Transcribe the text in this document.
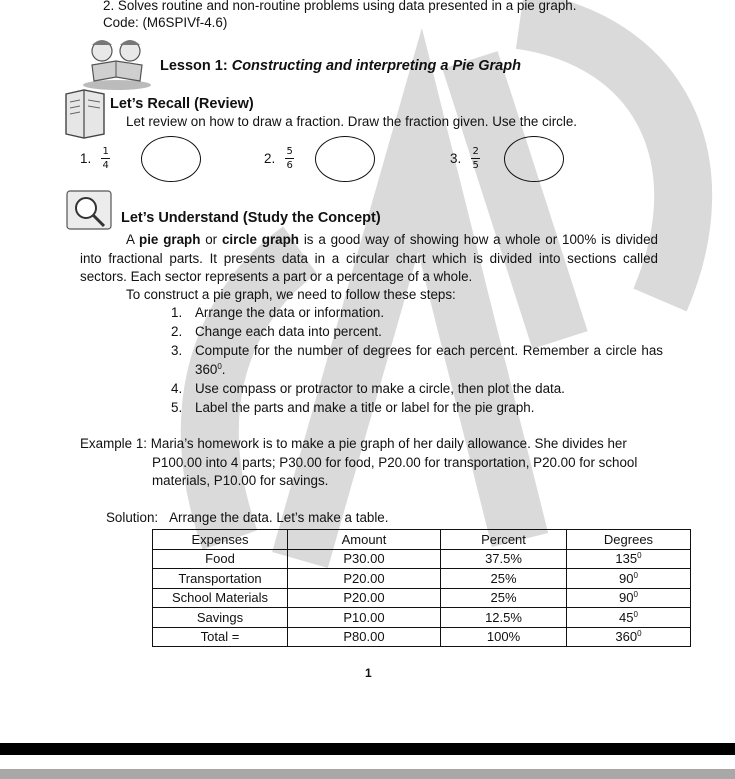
2. Solves routine and non-routine problems using data presented in a pie graph.
Code: (M6SPIVf-4.6)
Lesson 1: Constructing and interpreting a Pie Graph
Let’s Recall (Review)
Let review on how to draw a fraction. Draw the fraction given. Use the circle.
1. $\frac{1}{4}$	2. $\frac{5}{6}$	3. $\frac{2}{5}$
Let’s Understand (Study the Concept)
A pie graph or circle graph is a good way of showing how a whole or 100% is divided into fractional parts. It presents data in a circular chart which is divided into sections called sectors. Each sector represents a part or a percentage of a whole.
To construct a pie graph, we need to follow these steps:
1. Arrange the data or information.
2. Change each data into percent.
3. Compute for the number of degrees for each percent. Remember a circle has $360^0$.
4. Use compass or protractor to make a circle, then plot the data.
5. Label the parts and make a title or label for the pie graph.
Example 1: Maria’s homework is to make a pie graph of her daily allowance. She divides her
P100.00 into 4 parts; P30.00 for food, P20.00 for transportation, P20.00 for school
materials, P10.00 for savings.
Solution: Arrange the data. Let’s make a table.
Expenses	Amount	Percent	Degrees
Food	P30.00	37.5%	$135^0$
Transportation	P20.00	25%	$90^0$
School Materials	P20.00	25%	$90^0$
Savings	P10.00	12.5%	$45^0$
Total =	P80.00	100%	$360^0$
1
